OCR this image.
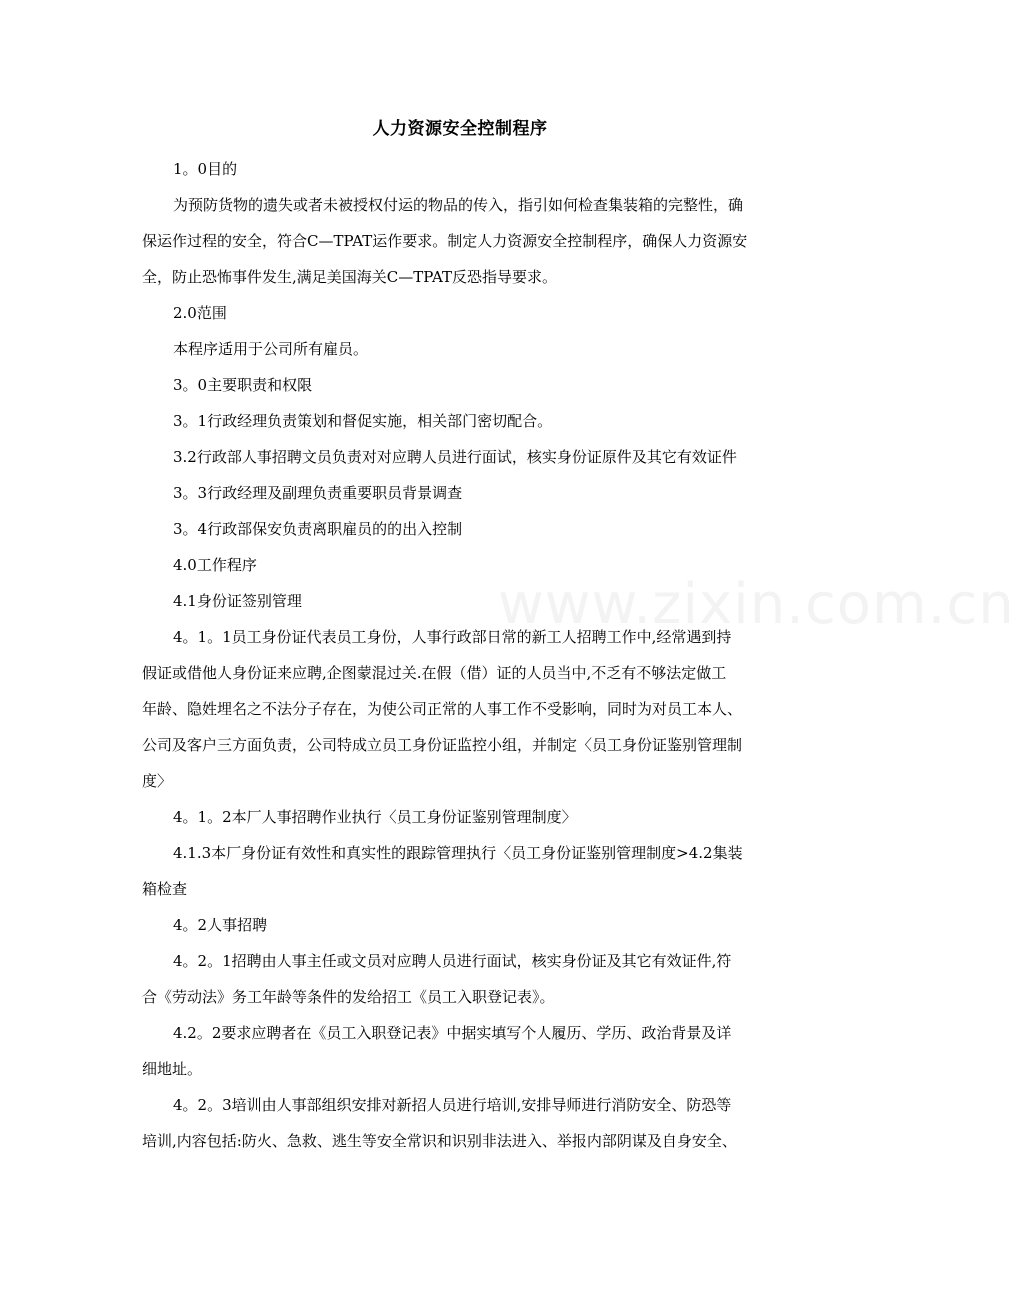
www.zixin.com.cn
人力资源安全控制程序

1。0目的

为预防货物的遗失或者未被授权付运的物品的传入，指引如何检查集装箱的完整性，确

保运作过程的安全，符合C—TPAT运作要求。制定人力资源安全控制程序，确保人力资源安

全，防止恐怖事件发生,满足美国海关C—TPAT反恐指导要求。

2.0范围

本程序适用于公司所有雇员。

3。0主要职责和权限

3。1行政经理负责策划和督促实施，相关部门密切配合。

3.2行政部人事招聘文员负责对对应聘人员进行面试，核实身份证原件及其它有效证件

3。3行政经理及副理负责重要职员背景调查

3。4行政部保安负责离职雇员的的出入控制

4.0工作程序

4.1身份证签别管理

4。1。1员工身份证代表员工身份，人事行政部日常的新工人招聘工作中,经常遇到持

假证或借他人身份证来应聘,企图蒙混过关.在假（借）证的人员当中,不乏有不够法定做工

年龄、隐姓埋名之不法分子存在，为使公司正常的人事工作不受影响，同时为对员工本人、

公司及客户三方面负责，公司特成立员工身份证监控小组，并制定〈员工身份证鉴别管理制

度〉

4。1。2本厂人事招聘作业执行〈员工身份证鉴别管理制度〉

4.1.3本厂身份证有效性和真实性的跟踪管理执行〈员工身份证鉴别管理制度>4.2集装

箱检查

4。2人事招聘

4。2。1招聘由人事主任或文员对应聘人员进行面试，核实身份证及其它有效证件,符

合《劳动法》务工年龄等条件的发给招工《员工入职登记表》。

4.2。2要求应聘者在《员工入职登记表》中据实填写个人履历、学历、政治背景及详

细地址。

4。2。3培训由人事部组织安排对新招人员进行培训,安排导师进行消防安全、防恐等

培训,内容包括:防火、急救、逃生等安全常识和识别非法进入、举报内部阴谋及自身安全、
